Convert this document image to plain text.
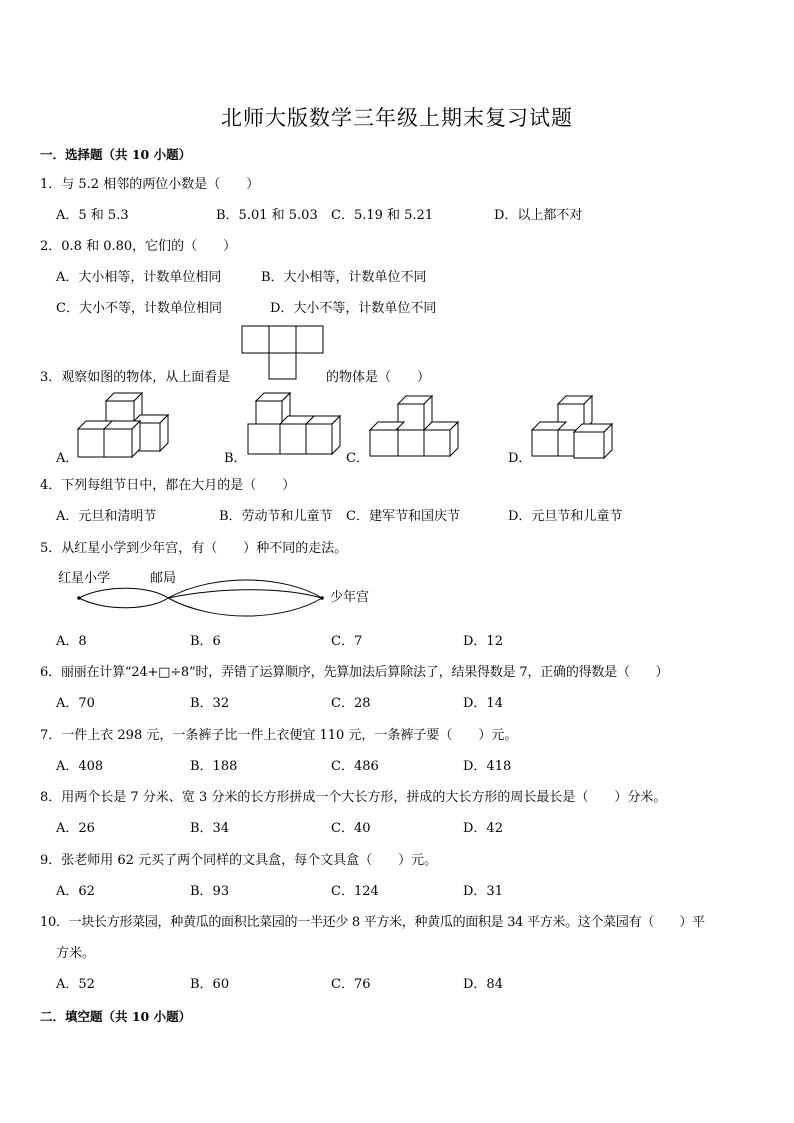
北师大版数学三年级上期末复习试题
一．选择题（共 10 小题）
1．与 5.2 相邻的两位小数是（　　）
A．5 和 5.3	B．5.01 和 5.03 C．5.19 和 5.21	D．以上都不对
2．0.8 和 0.80，它们的（　　）
A．大小相等，计数单位相同	B．大小相等，计数单位不同
C．大小不等，计数单位相同	D．大小不等，计数单位不同
3．观察如图的物体，从上面看是	的物体是（　　）
A．	B．	C．	D．
4．下列每组节日中，都在大月的是（　　）
A．元旦和清明节	B．劳动节和儿童节 C．建军节和国庆节	D．元旦节和儿童节
5．从红星小学到少年宫，有（　　）种不同的走法。
红星小学	邮局
少年宫
A．8	B．6	C．7	D．12
6．丽丽在计算“24+□÷8”时，弄错了运算顺序，先算加法后算除法了，结果得数是 7，正确的得数是（　　）
A．70	B．32	C．28	D．14
7．一件上衣 298 元，一条裤子比一件上衣便宜 110 元，一条裤子要（　　）元。
A．408	B．188	C．486	D．418
8．用两个长是 7 分米、宽 3 分米的长方形拼成一个大长方形，拼成的大长方形的周长最长是（　　）分米。
A．26	B．34	C．40	D．42
9．张老师用 62 元买了两个同样的文具盒，每个文具盒（　　）元。
A．62	B．93	C．124	D．31
10．一块长方形菜园，种黄瓜的面积比菜园的一半还少 8 平方米，种黄瓜的面积是 34 平方米。这个菜园有（　　）平
方米。
A．52	B．60	C．76	D．84
二．填空题（共 10 小题）
